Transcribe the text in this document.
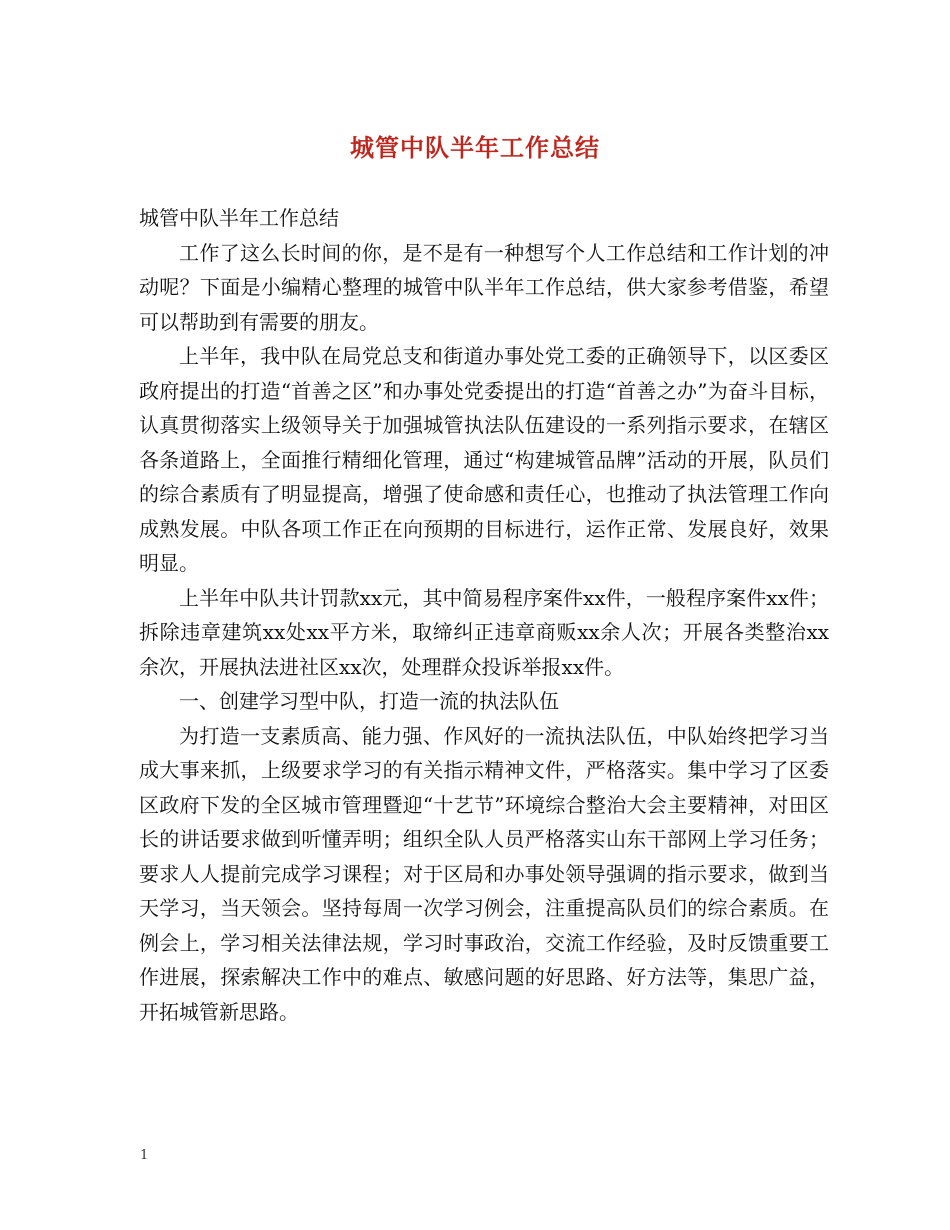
城管中队半年工作总结

城管中队半年工作总结

工作了这么长时间的你，是不是有一种想写个人工作总结和工作计划的冲动呢？下面是小编精心整理的城管中队半年工作总结，供大家参考借鉴，希望可以帮助到有需要的朋友。

上半年，我中队在局党总支和街道办事处党工委的正确领导下，以区委区政府提出的打造“首善之区”和办事处党委提出的打造“首善之办”为奋斗目标，认真贯彻落实上级领导关于加强城管执法队伍建设的一系列指示要求，在辖区各条道路上，全面推行精细化管理，通过“构建城管品牌”活动的开展，队员们的综合素质有了明显提高，增强了使命感和责任心，也推动了执法管理工作向成熟发展。中队各项工作正在向预期的目标进行，运作正常、发展良好，效果明显。

上半年中队共计罚款xx元，其中简易程序案件xx件，一般程序案件xx件；拆除违章建筑xx处xx平方米，取缔纠正违章商贩xx余人次；开展各类整治xx余次，开展执法进社区xx次，处理群众投诉举报xx件。

一、创建学习型中队，打造一流的执法队伍

为打造一支素质高、能力强、作风好的一流执法队伍，中队始终把学习当成大事来抓，上级要求学习的有关指示精神文件，严格落实。集中学习了区委区政府下发的全区城市管理暨迎“十艺节”环境综合整治大会主要精神，对田区长的讲话要求做到听懂弄明；组织全队人员严格落实山东干部网上学习任务；要求人人提前完成学习课程；对于区局和办事处领导强调的指示要求，做到当天学习，当天领会。坚持每周一次学习例会，注重提高队员们的综合素质。在例会上，学习相关法律法规，学习时事政治，交流工作经验，及时反馈重要工作进展，探索解决工作中的难点、敏感问题的好思路、好方法等，集思广益，开拓城管新思路。

1
